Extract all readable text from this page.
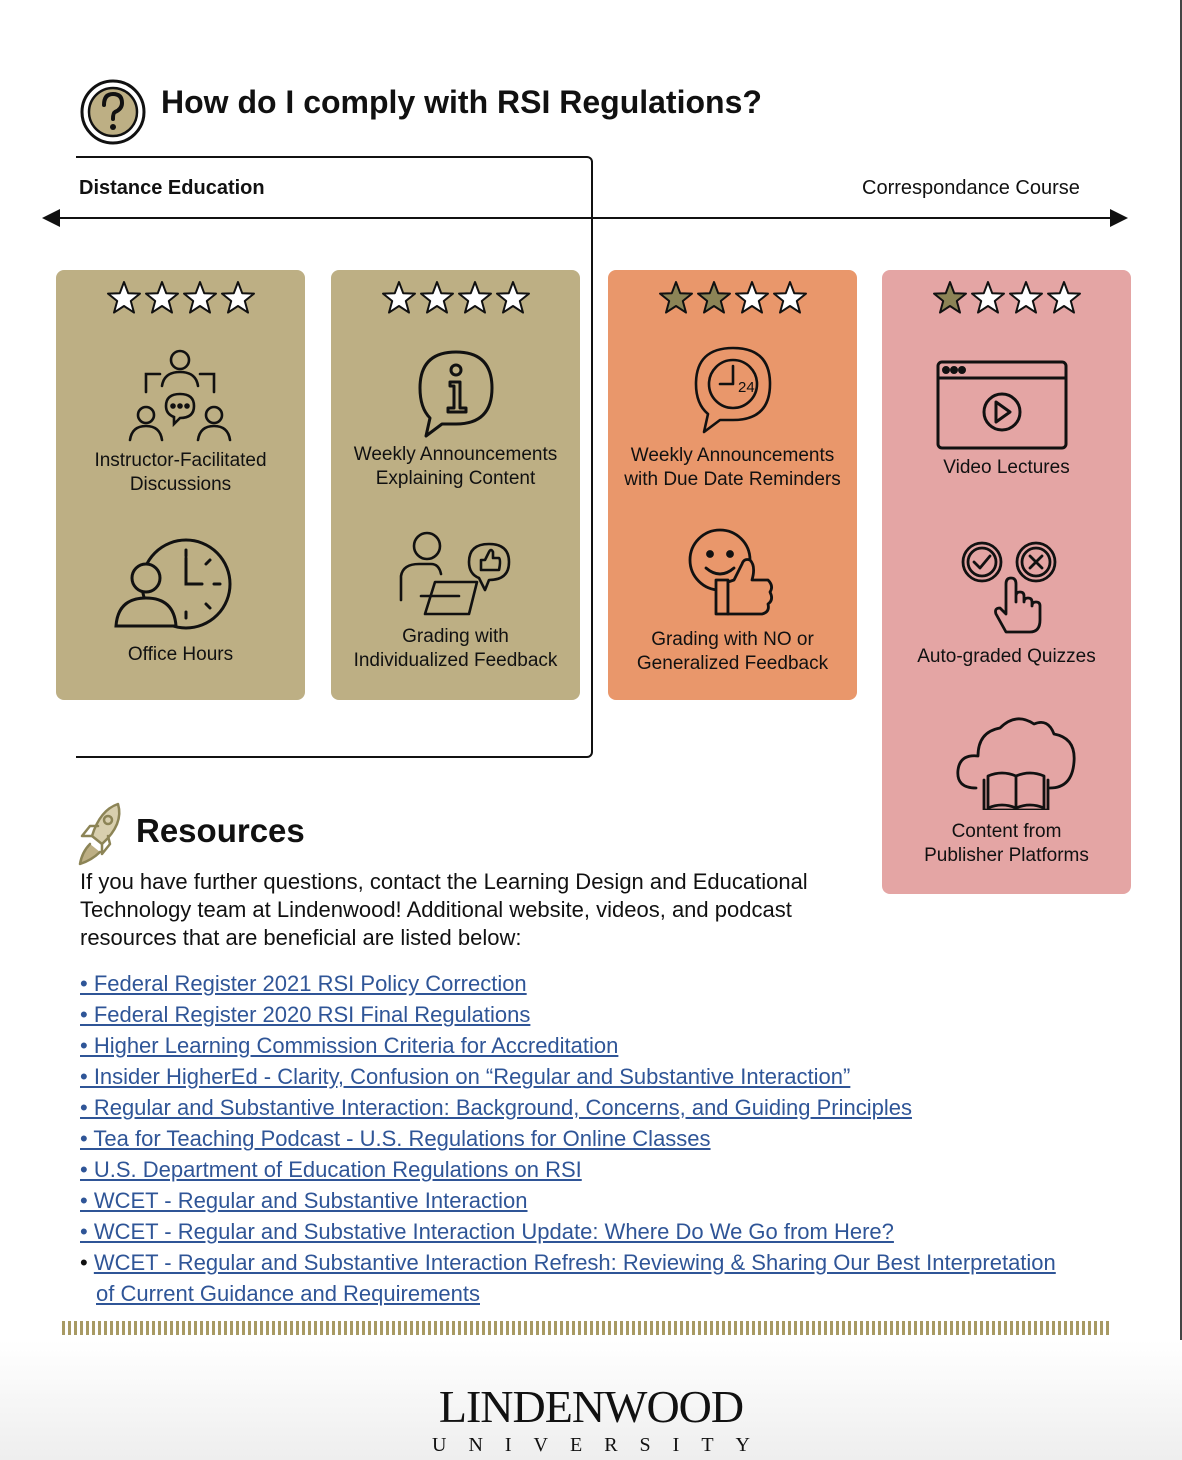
How do I comply with RSI Regulations?
Distance Education	Correspondance Course
Instructor-Facilitated
Discussions
Office Hours
Weekly Announcements
Explaining Content
Grading with
Individualized Feedback
24
Weekly Announcements
with Due Date Reminders
Grading with NO or
Generalized Feedback
Video Lectures
Auto-graded Quizzes
Content from
Publisher Platforms
Resources
If you have further questions, contact the Learning Design and Educational
Technology team at Lindenwood! Additional website, videos, and podcast
resources that are beneficial are listed below:
• Federal Register 2021 RSI Policy Correction
• Federal Register 2020 RSI Final Regulations
• Higher Learning Commission Criteria for Accreditation
• Insider HigherEd - Clarity, Confusion on “Regular and Substantive Interaction”
• Regular and Substantive Interaction: Background, Concerns, and Guiding Principles
• Tea for Teaching Podcast - U.S. Regulations for Online Classes
• U.S. Department of Education Regulations on RSI
• WCET - Regular and Substantive Interaction
• WCET - Regular and Substative Interaction Update: Where Do We Go from Here?
• WCET - Regular and Substantive Interaction Refresh: Reviewing & Sharing Our Best Interpretation
of Current Guidance and Requirements
LINDENWOOD
UNIVERSITY
